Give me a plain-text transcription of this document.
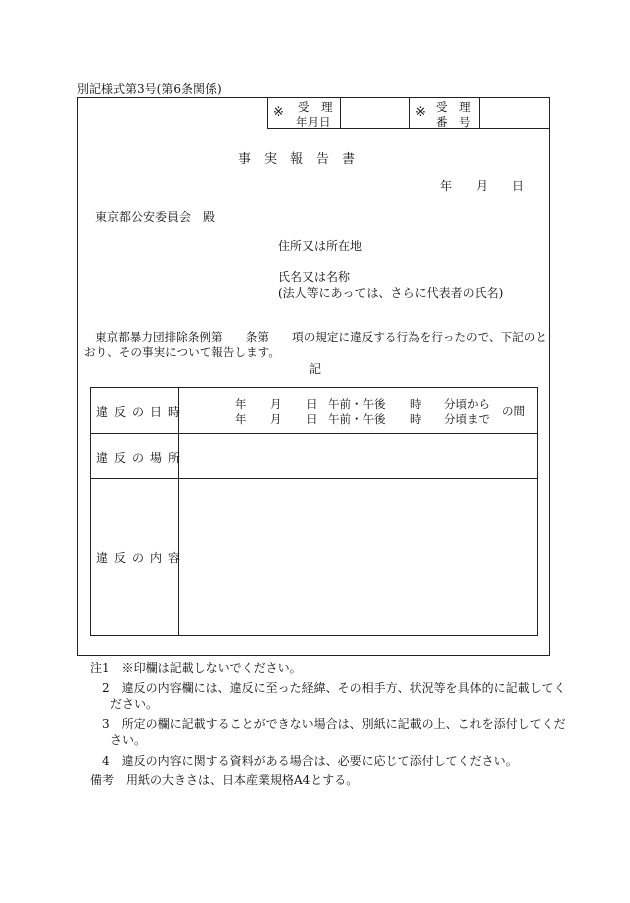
別記様式第3号(第6条関係)
※ 受　理
年月日
※ 受　理
番　号
事　実　報　告　書
年　　月　　日
東京都公安委員会　殿
住所又は所在地
氏名又は名称
(法人等にあっては、さらに代表者の氏名)
東京都暴力団排除条例第　　条第　　項の規定に違反する行為を行ったので、下記のと
おり、その事実について報告します。
記
違反の日時
年 月 日 午前・午後 時 分頃から
年 月 日 午前・午後 時 分頃まで
の間
違反の場所
違反の内容
注1　※印欄は記載しないでください。
2　違反の内容欄には、違反に至った経緯、その相手方、状況等を具体的に記載してく
ださい。
3　所定の欄に記載することができない場合は、別紙に記載の上、これを添付してくだ
さい。
4　違反の内容に関する資料がある場合は、必要に応じて添付してください。
備考　用紙の大きさは、日本産業規格A4とする。
